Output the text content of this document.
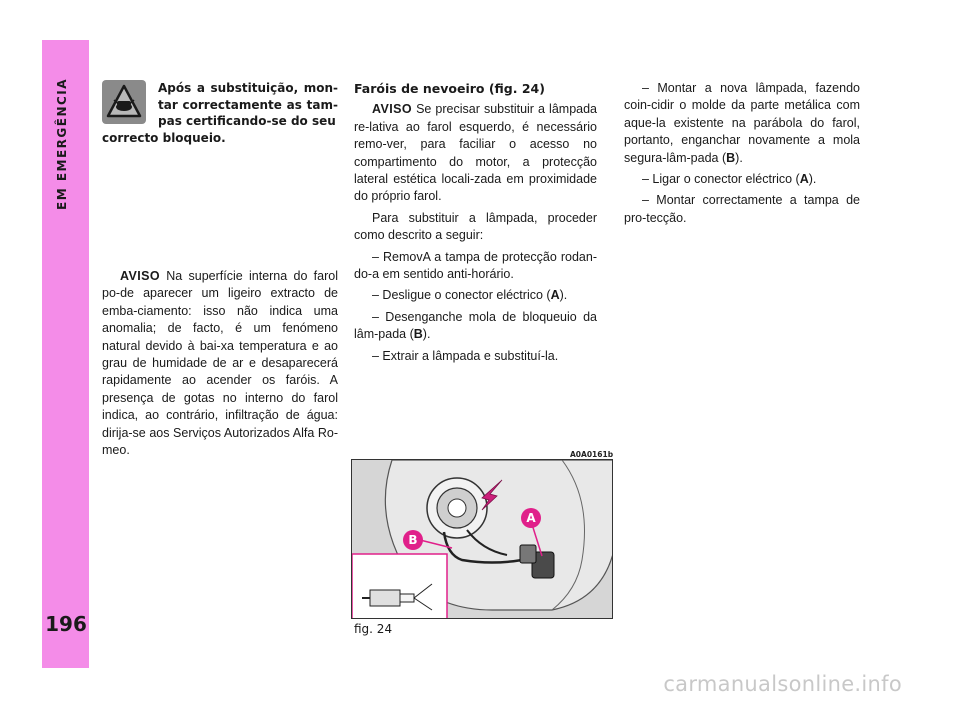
196
Após a substituição, mon-tar correctamente as tam-pas certificando-se do seu
correcto bloqueio.

AVISO Na superfície interna do farol po-de aparecer um ligeiro extracto de emba-ciamento: isso não indica uma anomalia; de facto, é um fenómeno natural devido à bai-xa temperatura e ao grau de humidade de ar e desaparecerá rapidamente ao acender os faróis. A presença de gotas no interno do farol indica, ao contrário, infiltração de água: dirija-se aos Serviços Autorizados Alfa Ro-meo.

Faróis de nevoeiro (fig. 24)

AVISO Se precisar substituir a lâmpada re-lativa ao farol esquerdo, é necessário remo-ver, para faciliar o acesso no compartimento do motor, a protecção lateral estética locali-zada em proximidade do próprio farol.

Para substituir a lâmpada, proceder como descrito a seguir:

– RemovA a tampa de protecção rodan-do-a em sentido anti-horário.

– Desligue o conector eléctrico (A).

– Desenganche mola de bloqueuio da lâm-pada (B).

– Extrair a lâmpada e substituí-la.

– Montar a nova lâmpada, fazendo coin-cidir o molde da parte metálica com aque-la existente na parábola do farol, portanto, enganchar novamente a mola segura-lâm-pada (B).

– Ligar o conector eléctrico (A).

– Montar correctamente a tampa de pro-tecção.

A0A0161b
A
B
fig. 24
carmanualsonline.info
